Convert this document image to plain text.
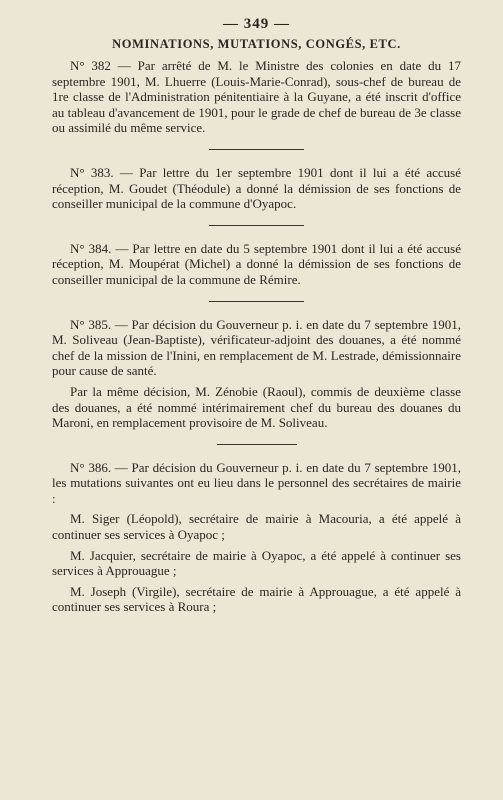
— 349 —
NOMINATIONS, MUTATIONS, CONGÉS, ETC.

N° 382 — Par arrêté de M. le Ministre des colonies en date du 17 septembre 1901, M. Lhuerre (Louis-Marie-Conrad), sous-chef de bureau de 1re classe de l'Administration pénitentiaire à la Guyane, a été inscrit d'office au tableau d'avancement de 1901, pour le grade de chef de bureau de 3e classe ou assimilé du même service.

N° 383. — Par lettre du 1er septembre 1901 dont il lui a été accusé réception, M. Goudet (Théodule) a donné la démission de ses fonctions de conseiller municipal de la commune d'Oyapoc.

N° 384. — Par lettre en date du 5 septembre 1901 dont il lui a été accusé réception, M. Moupérat (Michel) a donné la démission de ses fonctions de conseiller municipal de la commune de Rémire.

N° 385. — Par décision du Gouverneur p. i. en date du 7 septembre 1901, M. Soliveau (Jean-Baptiste), vérificateur-adjoint des douanes, a été nommé chef de la mission de l'Inini, en remplacement de M. Lestrade, démissionnaire pour cause de santé.

Par la même décision, M. Zénobie (Raoul), commis de deuxième classe des douanes, a été nommé intérimairement chef du bureau des douanes du Maroni, en remplacement provisoire de M. Soliveau.

N° 386. — Par décision du Gouverneur p. i. en date du 7 septembre 1901, les mutations suivantes ont eu lieu dans le personnel des secrétaires de mairie :

M. Siger (Léopold), secrétaire de mairie à Macouria, a été appelé à continuer ses services à Oyapoc ;

M. Jacquier, secrétaire de mairie à Oyapoc, a été appelé à continuer ses services à Approuague ;

M. Joseph (Virgile), secrétaire de mairie à Approuague, a été appelé à continuer ses services à Roura ;
